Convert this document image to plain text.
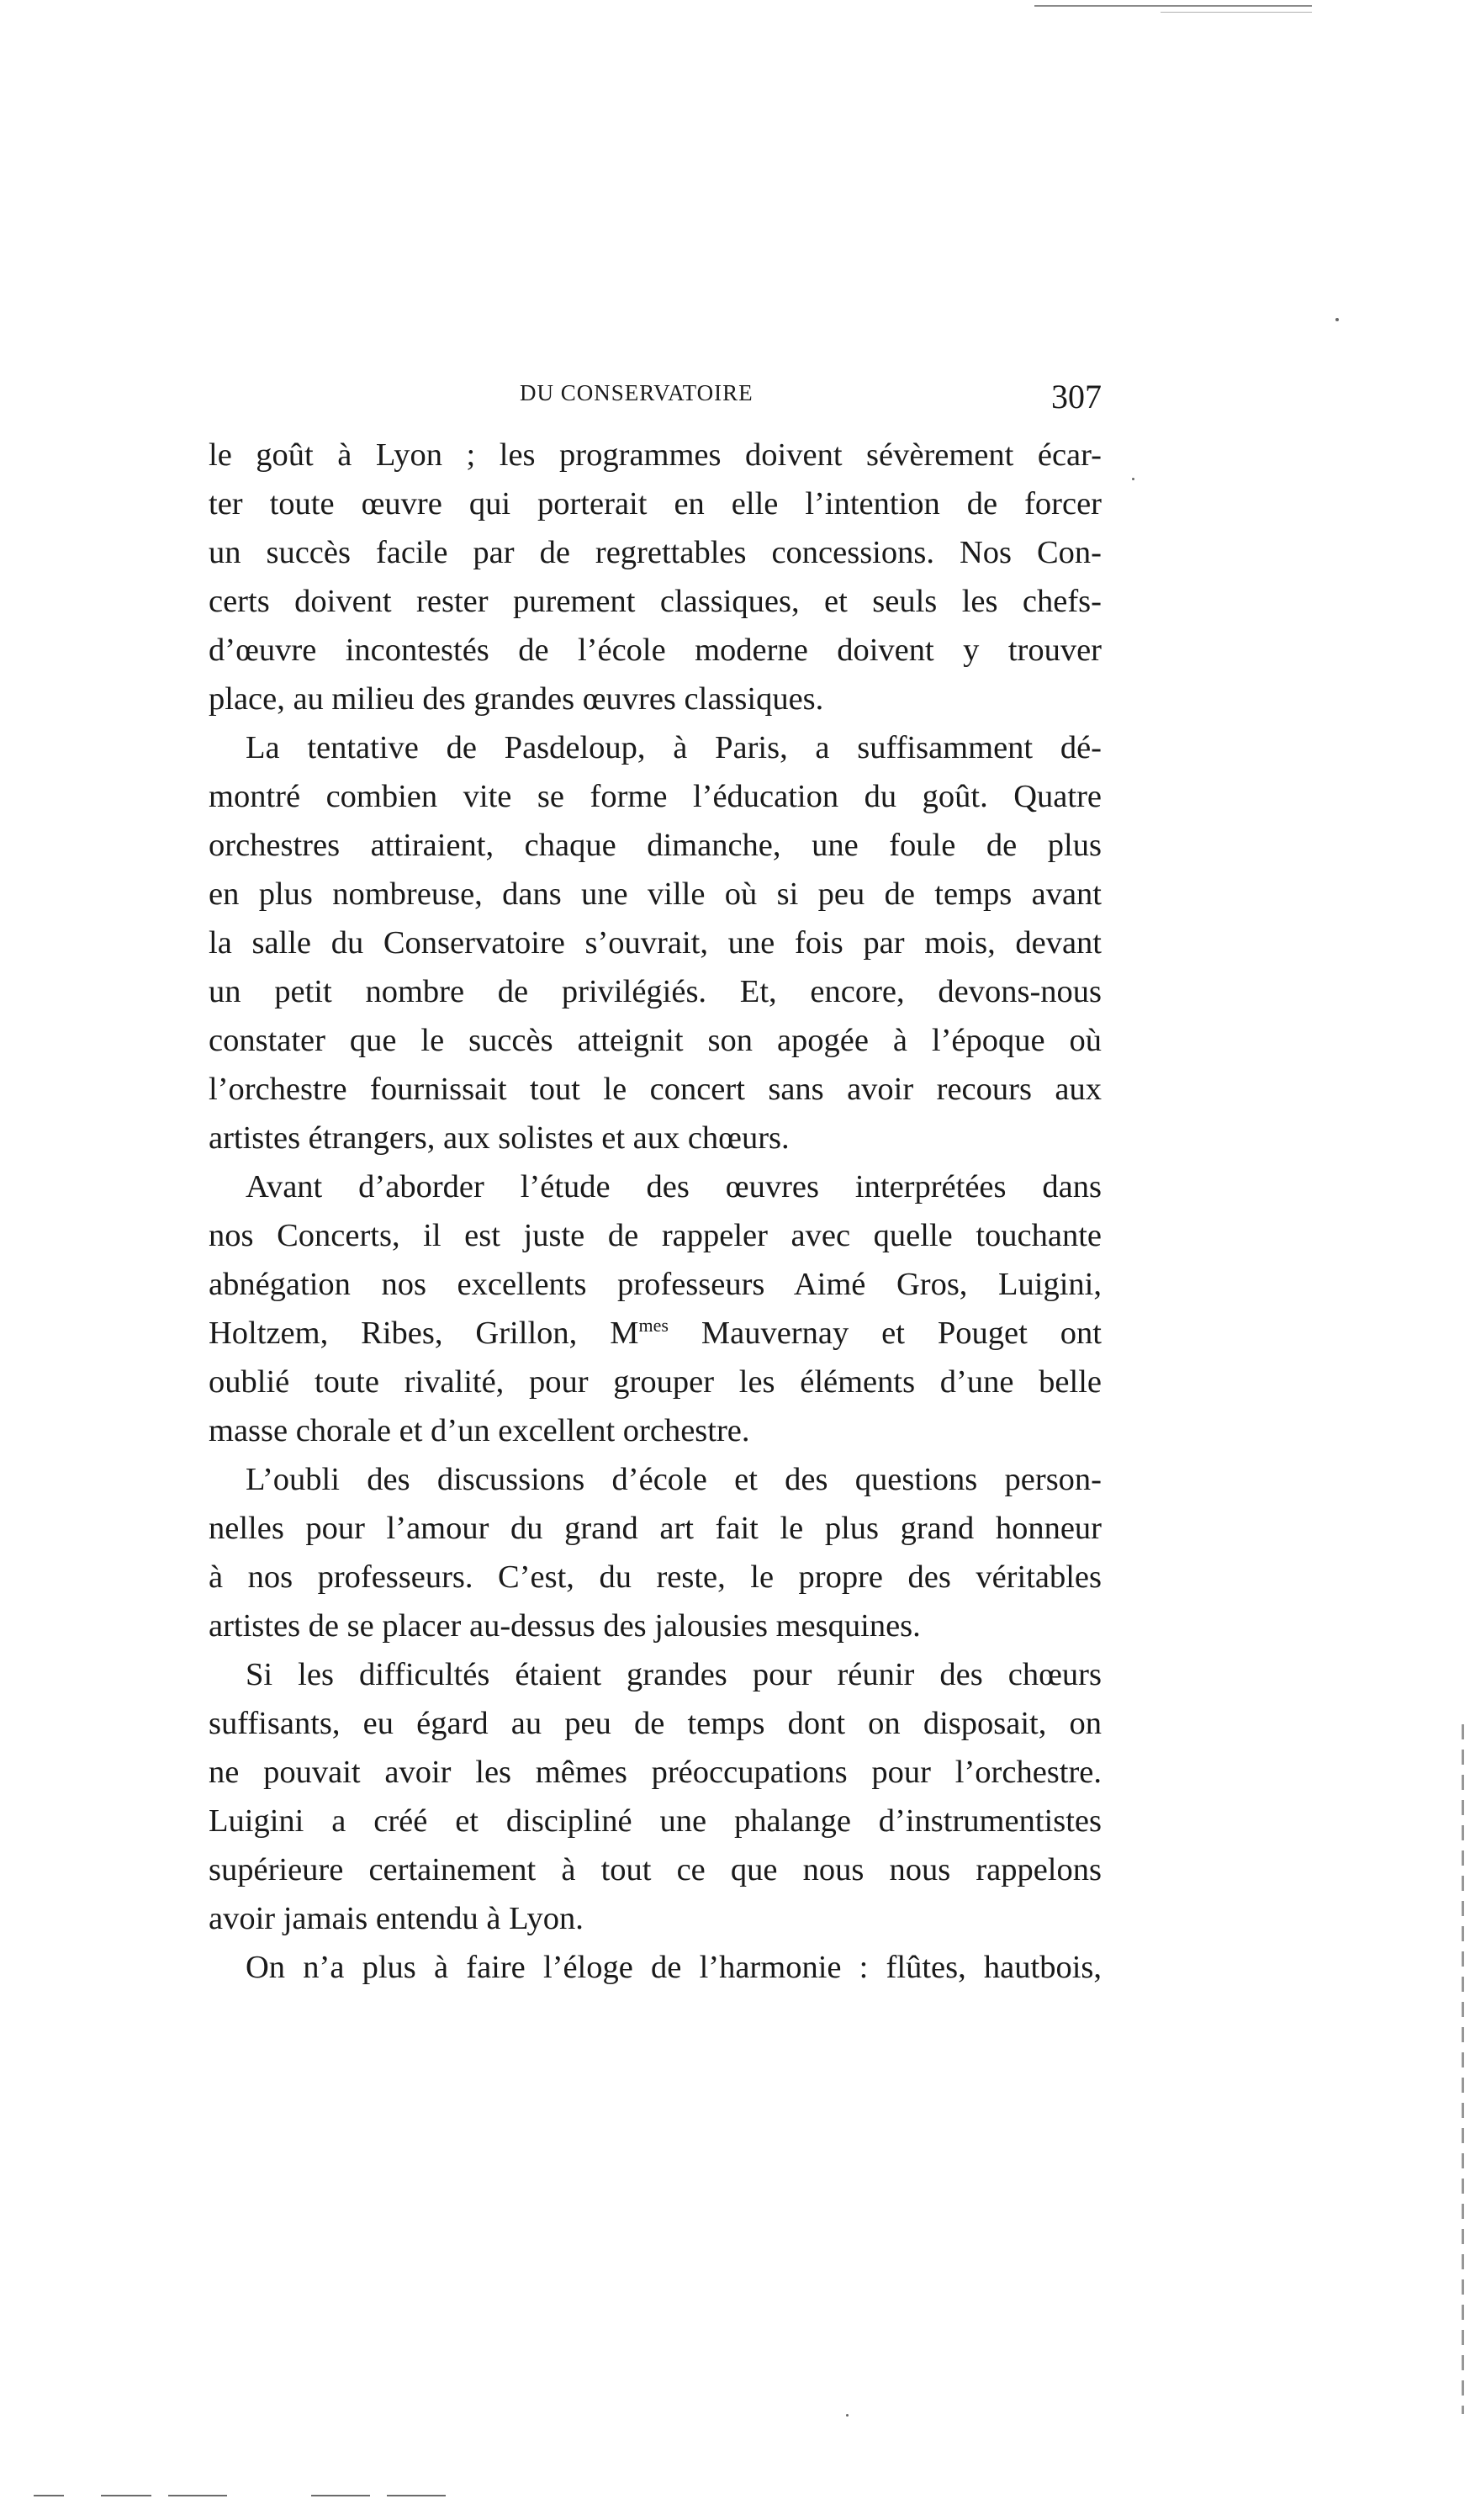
DU CONSERVATOIRE	307
le goût à Lyon ; les programmes doivent sévèrement écar-
ter toute œuvre qui porterait en elle l’intention de forcer
un succès facile par de regrettables concessions. Nos Con-
certs doivent rester purement classiques, et seuls les chefs-
d’œuvre incontestés de l’école moderne doivent y trouver
place, au milieu des grandes œuvres classiques.
La tentative de Pasdeloup, à Paris, a suffisamment dé-
montré combien vite se forme l’éducation du goût. Quatre
orchestres attiraient, chaque dimanche, une foule de plus
en plus nombreuse, dans une ville où si peu de temps avant
la salle du Conservatoire s’ouvrait, une fois par mois, devant
un petit nombre de privilégiés. Et, encore, devons-nous
constater que le succès atteignit son apogée à l’époque où
l’orchestre fournissait tout le concert sans avoir recours aux
artistes étrangers, aux solistes et aux chœurs.
Avant d’aborder l’étude des œuvres interprétées dans
nos Concerts, il est juste de rappeler avec quelle touchante
abnégation nos excellents professeurs Aimé Gros, Luigini,
Holtzem, Ribes, Grillon, $M^{mes}$ Mauvernay et Pouget ont
oublié toute rivalité, pour grouper les éléments d’une belle
masse chorale et d’un excellent orchestre.
L’oubli des discussions d’école et des questions person-
nelles pour l’amour du grand art fait le plus grand honneur
à nos professeurs. C’est, du reste, le propre des véritables
artistes de se placer au-dessus des jalousies mesquines.
Si les difficultés étaient grandes pour réunir des chœurs
suffisants, eu égard au peu de temps dont on disposait, on
ne pouvait avoir les mêmes préoccupations pour l’orchestre.
Luigini a créé et discipliné une phalange d’instrumentistes
supérieure certainement à tout ce que nous nous rappelons
avoir jamais entendu à Lyon.
On n’a plus à faire l’éloge de l’harmonie : flûtes, hautbois,
